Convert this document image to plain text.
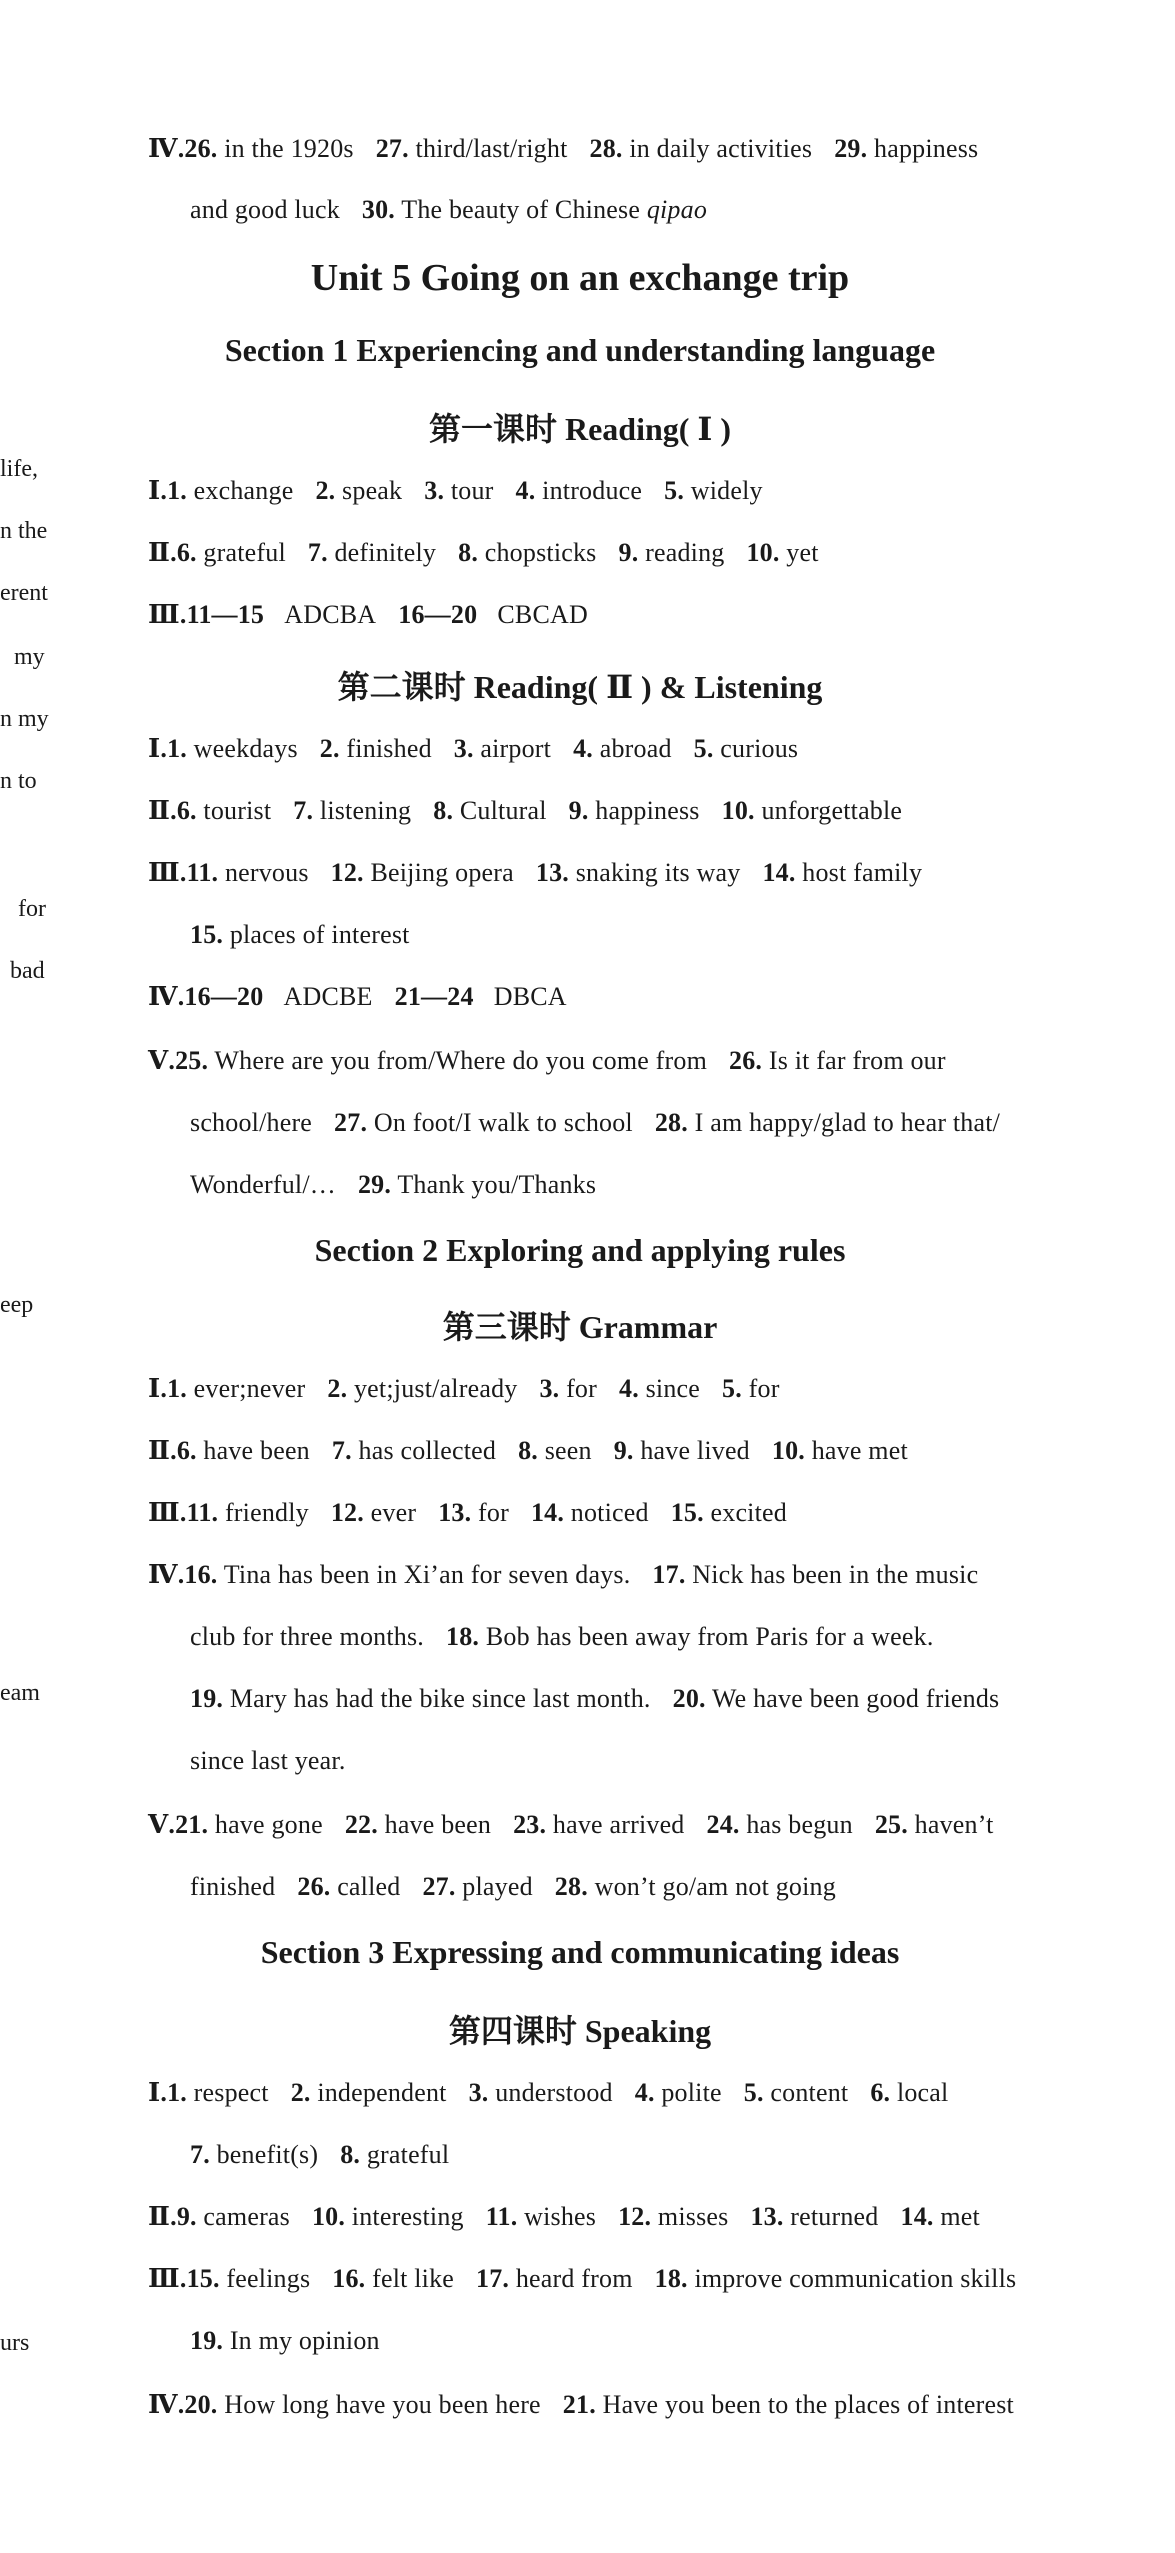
life,
n the
erent
my
n my
n to
for
bad
eep
eam
urs
Ⅳ.26. in the 1920s 27. third/last/right 28. in daily activities 29. happiness
and good luck 30. The beauty of Chinese qipao
Unit 5 Going on an exchange trip
Section 1 Experiencing and understanding language
第一课时 Reading( Ⅰ )
Ⅰ.1. exchange 2. speak 3. tour 4. introduce 5. widely
Ⅱ.6. grateful 7. definitely 8. chopsticks 9. reading 10. yet
Ⅲ.11—15 ADCBA 16—20 CBCAD
第二课时 Reading( Ⅱ ) & Listening
Ⅰ.1. weekdays 2. finished 3. airport 4. abroad 5. curious
Ⅱ.6. tourist 7. listening 8. Cultural 9. happiness 10. unforgettable
Ⅲ.11. nervous 12. Beijing opera 13. snaking its way 14. host family
15. places of interest
Ⅳ.16—20 ADCBE 21—24 DBCA
Ⅴ.25. Where are you from/Where do you come from 26. Is it far from our
school/here 27. On foot/I walk to school 28. I am happy/glad to hear that/
Wonderful/… 29. Thank you/Thanks
Section 2 Exploring and applying rules
第三课时 Grammar
Ⅰ.1. ever;never 2. yet;just/already 3. for 4. since 5. for
Ⅱ.6. have been 7. has collected 8. seen 9. have lived 10. have met
Ⅲ.11. friendly 12. ever 13. for 14. noticed 15. excited
Ⅳ.16. Tina has been in Xi’an for seven days. 17. Nick has been in the music
club for three months. 18. Bob has been away from Paris for a week.
19. Mary has had the bike since last month. 20. We have been good friends
since last year.
Ⅴ.21. have gone 22. have been 23. have arrived 24. has begun 25. haven’t
finished 26. called 27. played 28. won’t go/am not going
Section 3 Expressing and communicating ideas
第四课时 Speaking
Ⅰ.1. respect 2. independent 3. understood 4. polite 5. content 6. local
7. benefit(s) 8. grateful
Ⅱ.9. cameras 10. interesting 11. wishes 12. misses 13. returned 14. met
Ⅲ.15. feelings 16. felt like 17. heard from 18. improve communication skills
19. In my opinion
Ⅳ.20. How long have you been here 21. Have you been to the places of interest
